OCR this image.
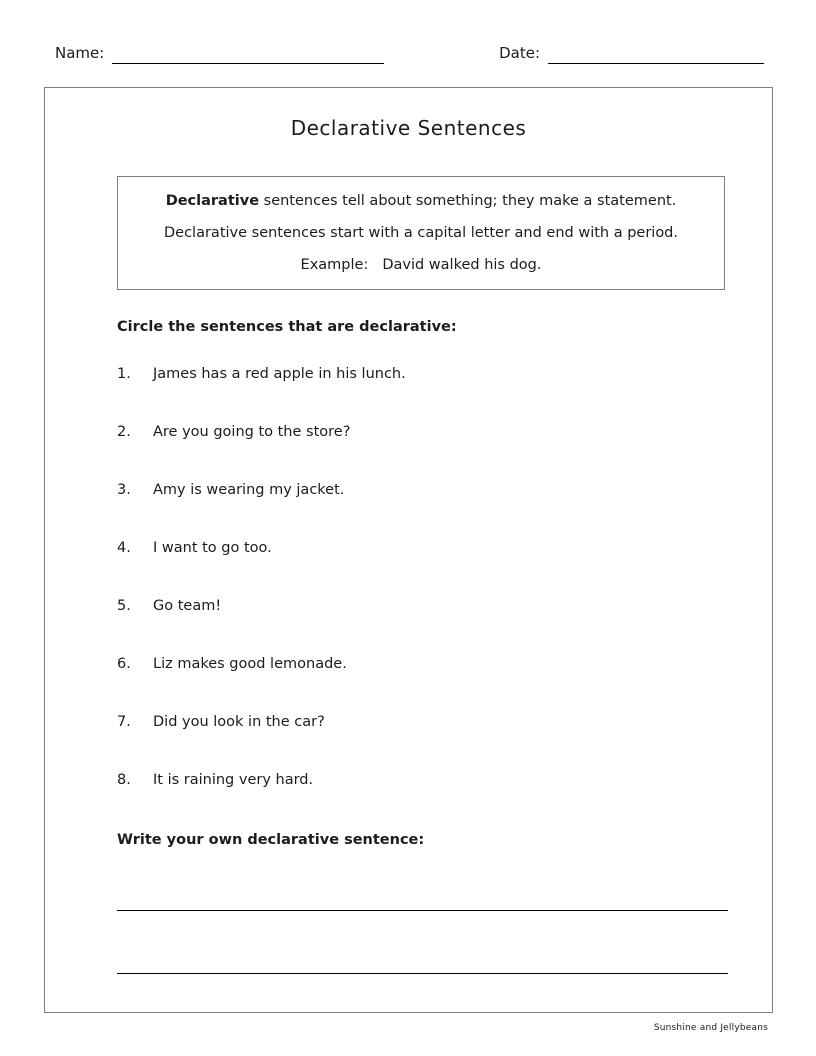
Name:	Date:
Declarative Sentences
Declarative sentences tell about something; they make a statement.
Declarative sentences start with a capital letter and end with a period.
Example: David walked his dog.
Circle the sentences that are declarative:
1.	James has a red apple in his lunch.
2.	Are you going to the store?
3.	Amy is wearing my jacket.
4.	I want to go too.
5.	Go team!
6.	Liz makes good lemonade.
7.	Did you look in the car?
8.	It is raining very hard.
Write your own declarative sentence:
Sunshine and Jellybeans
